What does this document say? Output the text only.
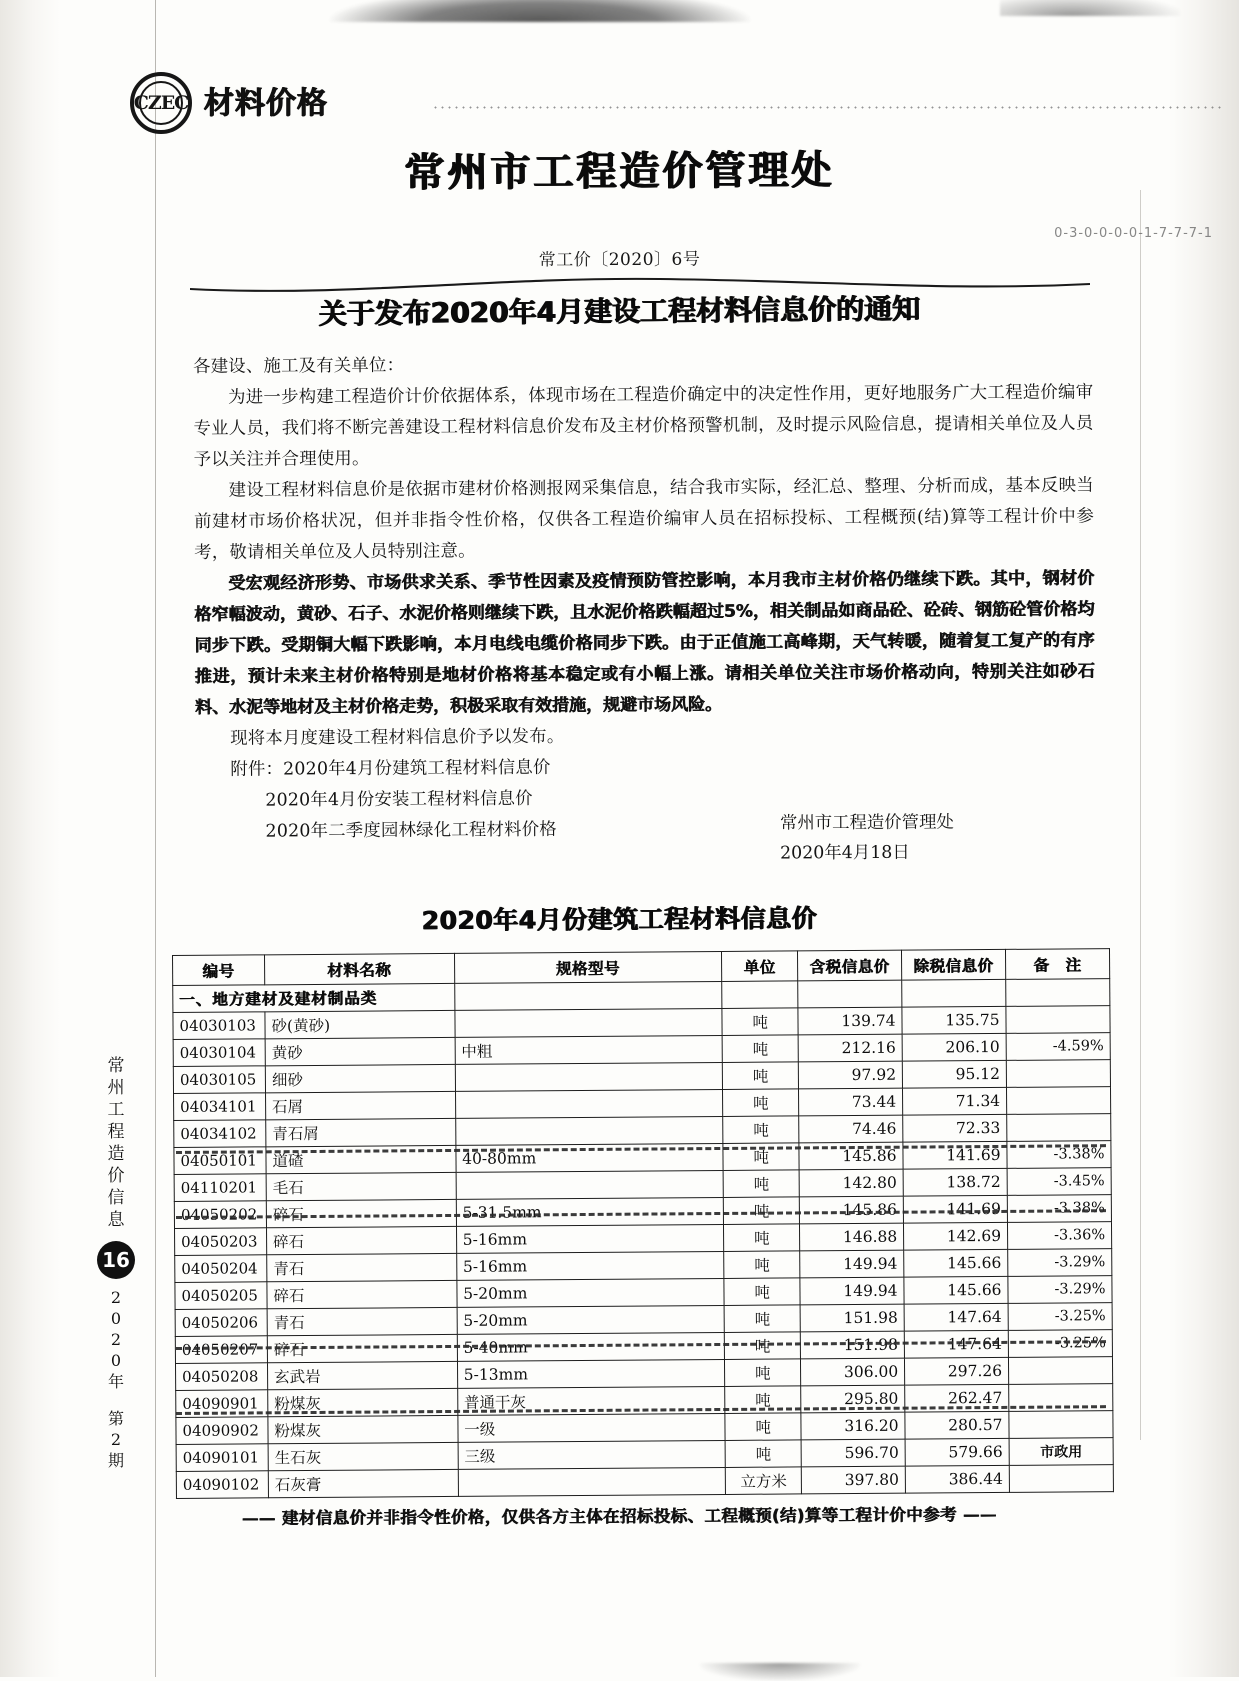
CZEC 材料价格
常州市工程造价管理处
常工价〔2020〕6号
关于发布2020年4月建设工程材料信息价的通知

各建设、施工及有关单位：

为进一步构建工程造价计价依据体系，体现市场在工程造价确定中的决定性作用，更好地服务广大工程造价编审专业人员，我们将不断完善建设工程材料信息价发布及主材价格预警机制，及时提示风险信息，提请相关单位及人员予以关注并合理使用。

建设工程材料信息价是依据市建材价格测报网采集信息，结合我市实际，经汇总、整理、分析而成，基本反映当前建材市场价格状况，但并非指令性价格，仅供各工程造价编审人员在招标投标、工程概预(结)算等工程计价中参考，敬请相关单位及人员特别注意。

受宏观经济形势、市场供求关系、季节性因素及疫情预防管控影响，本月我市主材价格仍继续下跌。其中，钢材价格窄幅波动，黄砂、石子、水泥价格则继续下跌，且水泥价格跌幅超过5%，相关制品如商品砼、砼砖、钢筋砼管价格均同步下跌。受期铜大幅下跌影响，本月电线电缆价格同步下跌。由于正值施工高峰期，天气转暖，随着复工复产的有序推进，预计未来主材价格特别是地材价格将基本稳定或有小幅上涨。请相关单位关注市场价格动向，特别关注如砂石料、水泥等地材及主材价格走势，积极采取有效措施，规避市场风险。

现将本月度建设工程材料信息价予以发布。

附件：2020年4月份建筑工程材料信息价
2020年4月份安装工程材料信息价
2020年二季度园林绿化工程材料价格	常州市工程造价管理处
2020年4月18日
2020年4月份建筑工程材料信息价
编号	材料名称	规格型号	单位	含税信息价	除税信息价	备　注
一、地方建材及建材制品类						
04030103	砂(黄砂)		吨	139.74	135.75	
04030104	黄砂	中粗	吨	212.16	206.10	-4.59%
04030105	细砂		吨	97.92	95.12	
04034101	石屑		吨	73.44	71.34	
04034102	青石屑		吨	74.46	72.33	
04050101	道碴	40-80mm	吨	145.86	141.69	-3.38%
04110201	毛石		吨	142.80	138.72	-3.45%
04050202	碎石	5-31.5mm	吨	145.86	141.69	-3.38%
04050203	碎石	5-16mm	吨	146.88	142.69	-3.36%
04050204	青石	5-16mm	吨	149.94	145.66	-3.29%
04050205	碎石	5-20mm	吨	149.94	145.66	-3.29%
04050206	青石	5-20mm	吨	151.98	147.64	-3.25%
04050207	碎石	5-40mm	吨	151.98	147.64	-3.25%
04050208	玄武岩	5-13mm	吨	306.00	297.26	
04090901	粉煤灰	普通干灰	吨	295.80	262.47	
04090902	粉煤灰	一级	吨	316.20	280.57	
04090101	生石灰	三级	吨	596.70	579.66	市政用
04090102	石灰膏		立方米	397.80	386.44	
—— 建材信息价并非指令性价格，仅供各方主体在招标投标、工程概预(结)算等工程计价中参考 ——
常
州
工
程
造
价
信
息
16
2
0
2
0
年
第
2
期
0-3-0-0-0-0-1-7-7-7-1
